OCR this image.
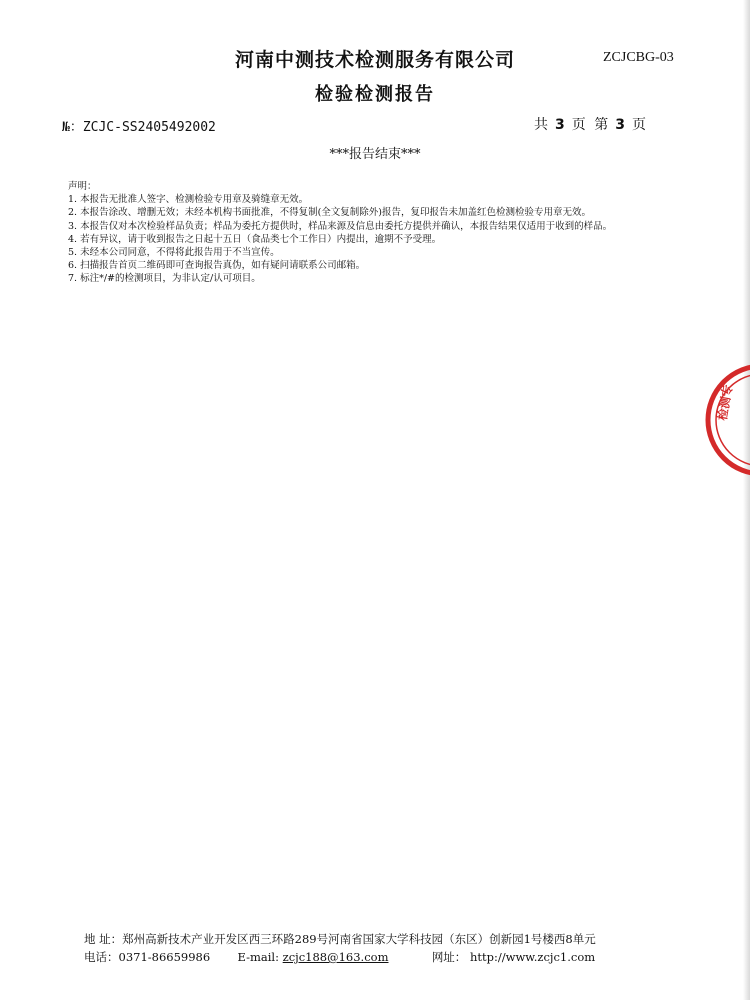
河南中测技术检测服务有限公司	ZCJCBG-03
检验检测报告
№：ZCJC-SS2405492002	共 3 页 第 3 页
***报告结束***
声明：
1. 本报告无批准人签字、检测检验专用章及骑缝章无效。
2. 本报告涂改、增删无效；未经本机构书面批准，不得复制(全文复制除外)报告，复印报告未加盖红色检测检验专用章无效。
3. 本报告仅对本次检验样品负责；样品为委托方提供时，样品来源及信息由委托方提供并确认，本报告结果仅适用于收到的样品。
4. 若有异议，请于收到报告之日起十五日（食品类七个工作日）内提出，逾期不予受理。
5. 未经本公司同意，不得将此报告用于不当宣传。
6. 扫描报告首页二维码即可查询报告真伪，如有疑问请联系公司邮箱。
7. 标注*/#的检测项目，为非认定/认可项目。
检测专
地 址：郑州高新技术产业开发区西三环路289号河南省国家大学科技园（东区）创新园1号楼西8单元
电话：0371-86659986 E-mail: zcjc188@163.com	网址： http://www.zcjc1.com
